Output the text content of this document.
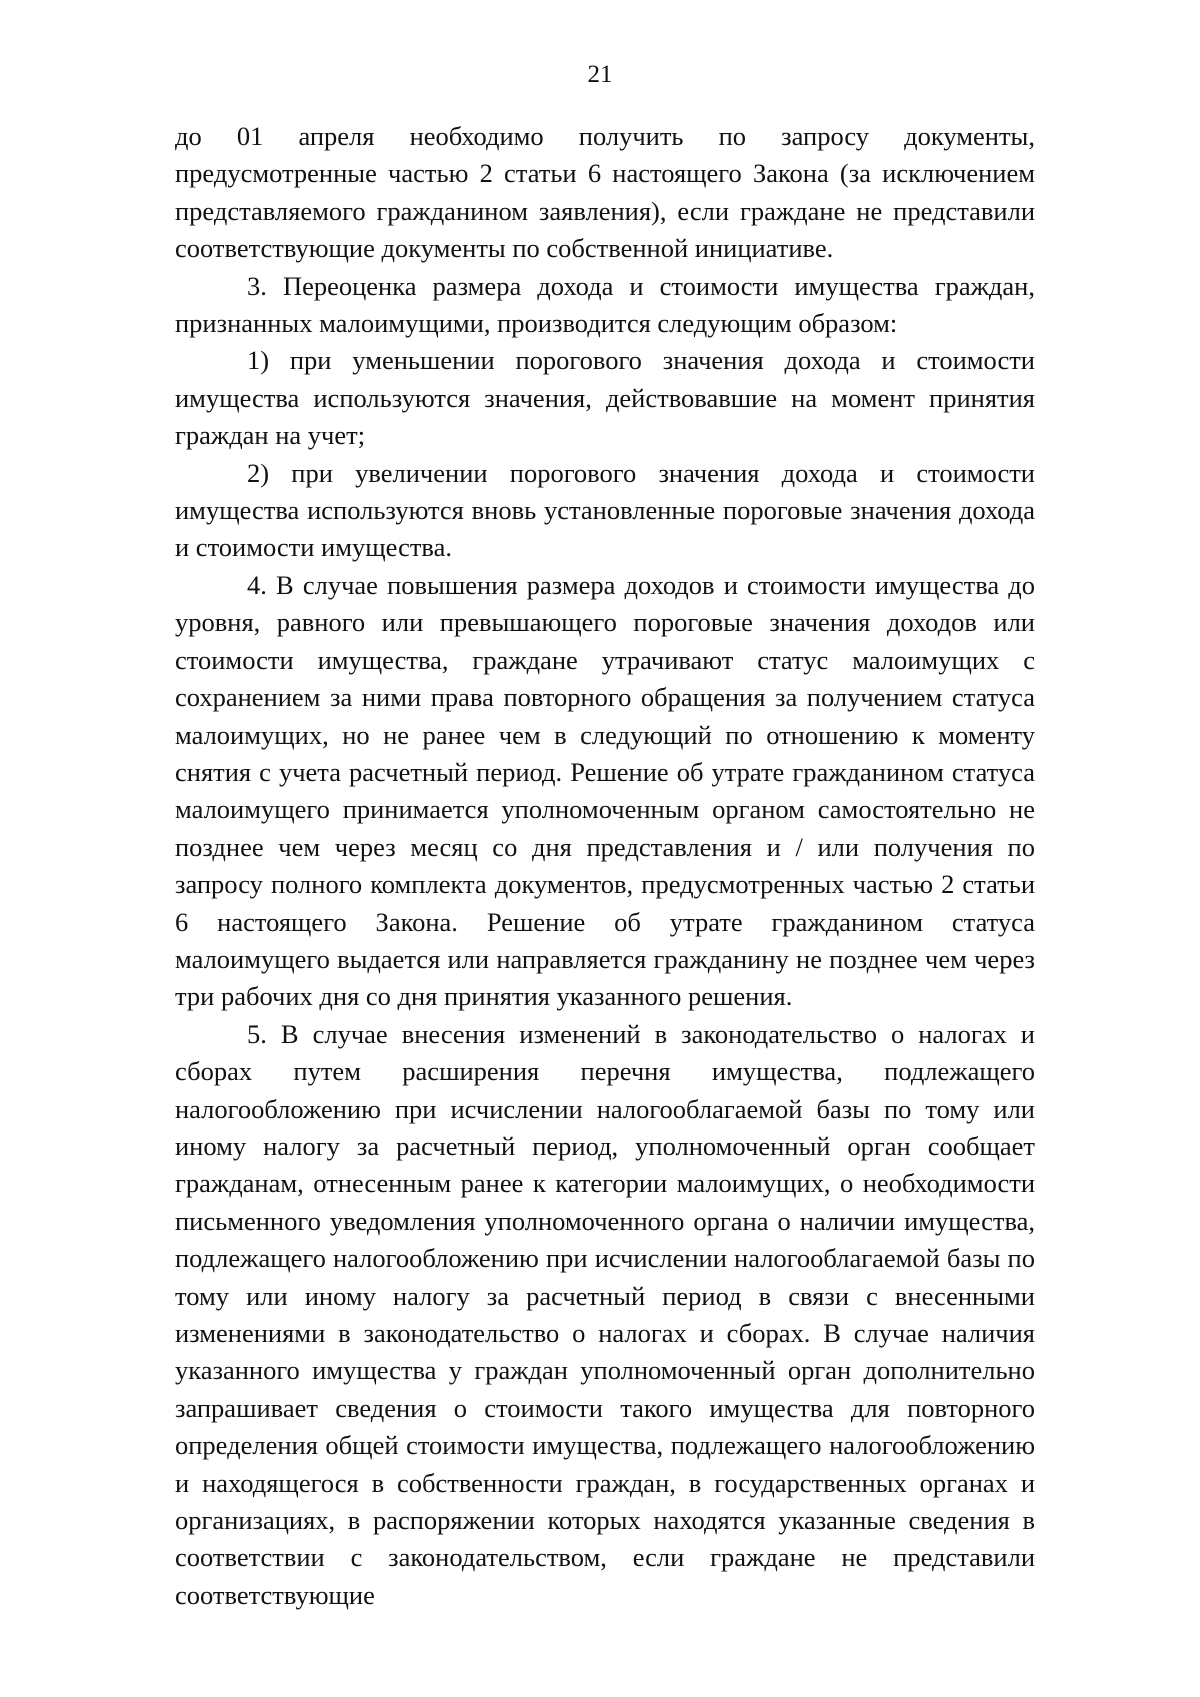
21

до 01 апреля необходимо получить по запросу документы, предусмотренные частью 2 статьи 6 настоящего Закона (за исключением представляемого гражданином заявления), если граждане не представили соответствующие документы по собственной инициативе.

3. Переоценка размера дохода и стоимости имущества граждан, признанных малоимущими, производится следующим образом:

1) при уменьшении порогового значения дохода и стоимости имущества используются значения, действовавшие на момент принятия граждан на учет;

2) при увеличении порогового значения дохода и стоимости имущества используются вновь установленные пороговые значения дохода и стоимости имущества.

4. В случае повышения размера доходов и стоимости имущества до уровня, равного или превышающего пороговые значения доходов или стоимости имущества, граждане утрачивают статус малоимущих с сохранением за ними права повторного обращения за получением статуса малоимущих, но не ранее чем в следующий по отношению к моменту снятия с учета расчетный период. Решение об утрате гражданином статуса малоимущего принимается уполномоченным органом самостоятельно не позднее чем через месяц со дня представления и / или получения по запросу полного комплекта документов, предусмотренных частью 2 статьи 6 настоящего Закона. Решение об утрате гражданином статуса малоимущего выдается или направляется гражданину не позднее чем через три рабочих дня со дня принятия указанного решения.

5. В случае внесения изменений в законодательство о налогах и сборах путем расширения перечня имущества, подлежащего налогообложению при исчислении налогооблагаемой базы по тому или иному налогу за расчетный период, уполномоченный орган сообщает гражданам, отнесенным ранее к категории малоимущих, о необходимости письменного уведомления уполномоченного органа о наличии имущества, подлежащего налогообложению при исчислении налогооблагаемой базы по тому или иному налогу за расчетный период в связи с внесенными изменениями в законодательство о налогах и сборах. В случае наличия указанного имущества у граждан уполномоченный орган дополнительно запрашивает сведения о стоимости такого имущества для повторного определения общей стоимости имущества, подлежащего налогообложению и находящегося в собственности граждан, в государственных органах и организациях, в распоряжении которых находятся указанные сведения в соответствии с законодательством, если граждане не представили соответствующие
